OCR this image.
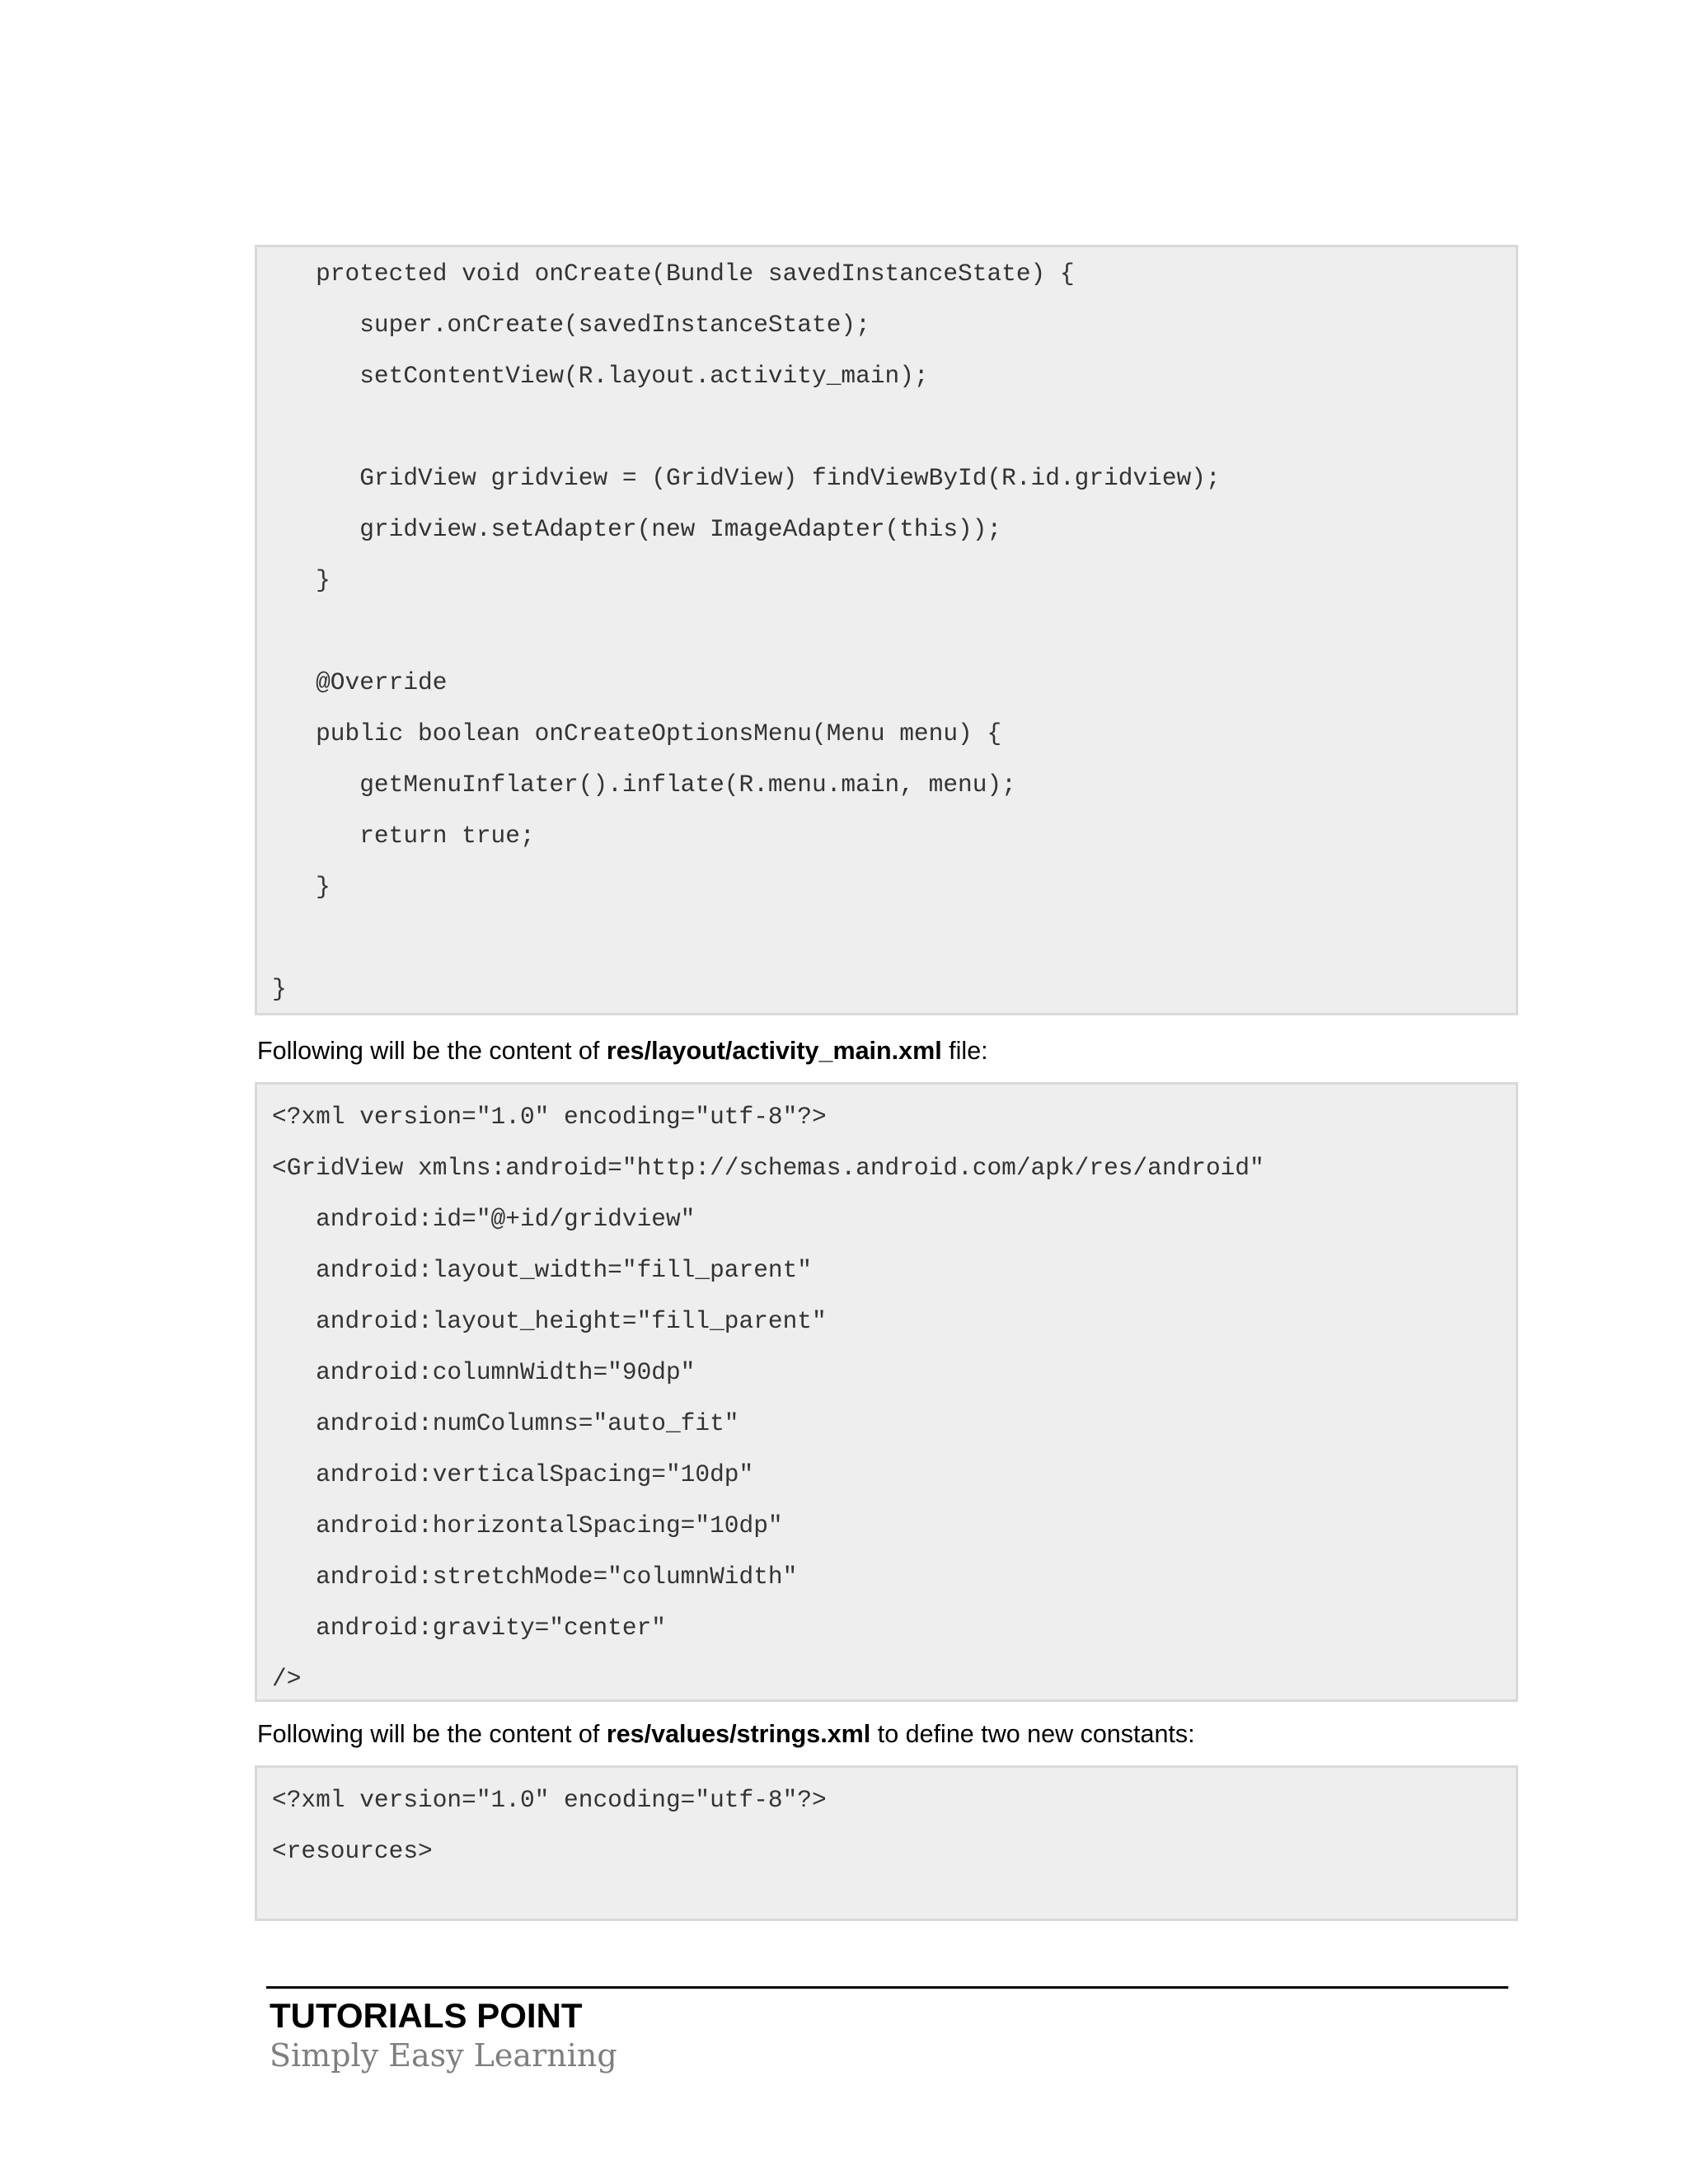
protected void onCreate(Bundle savedInstanceState) {
super.onCreate(savedInstanceState);
setContentView(R.layout.activity_main);
GridView gridview = (GridView) findViewById(R.id.gridview);
gridview.setAdapter(new ImageAdapter(this));
}
@Override
public boolean onCreateOptionsMenu(Menu menu) {
getMenuInflater().inflate(R.menu.main, menu);
return true;
}
}
Following will be the content of res/layout/activity_main.xml file:
<?xml version="1.0" encoding="utf-8"?>
<GridView xmlns:android="http://schemas.android.com/apk/res/android"
android:id="@+id/gridview"
android:layout_width="fill_parent"
android:layout_height="fill_parent"
android:columnWidth="90dp"
android:numColumns="auto_fit"
android:verticalSpacing="10dp"
android:horizontalSpacing="10dp"
android:stretchMode="columnWidth"
android:gravity="center"
/>
Following will be the content of res/values/strings.xml to define two new constants:
<?xml version="1.0" encoding="utf-8"?>
<resources>
TUTORIALS POINT
Simply Easy Learning
